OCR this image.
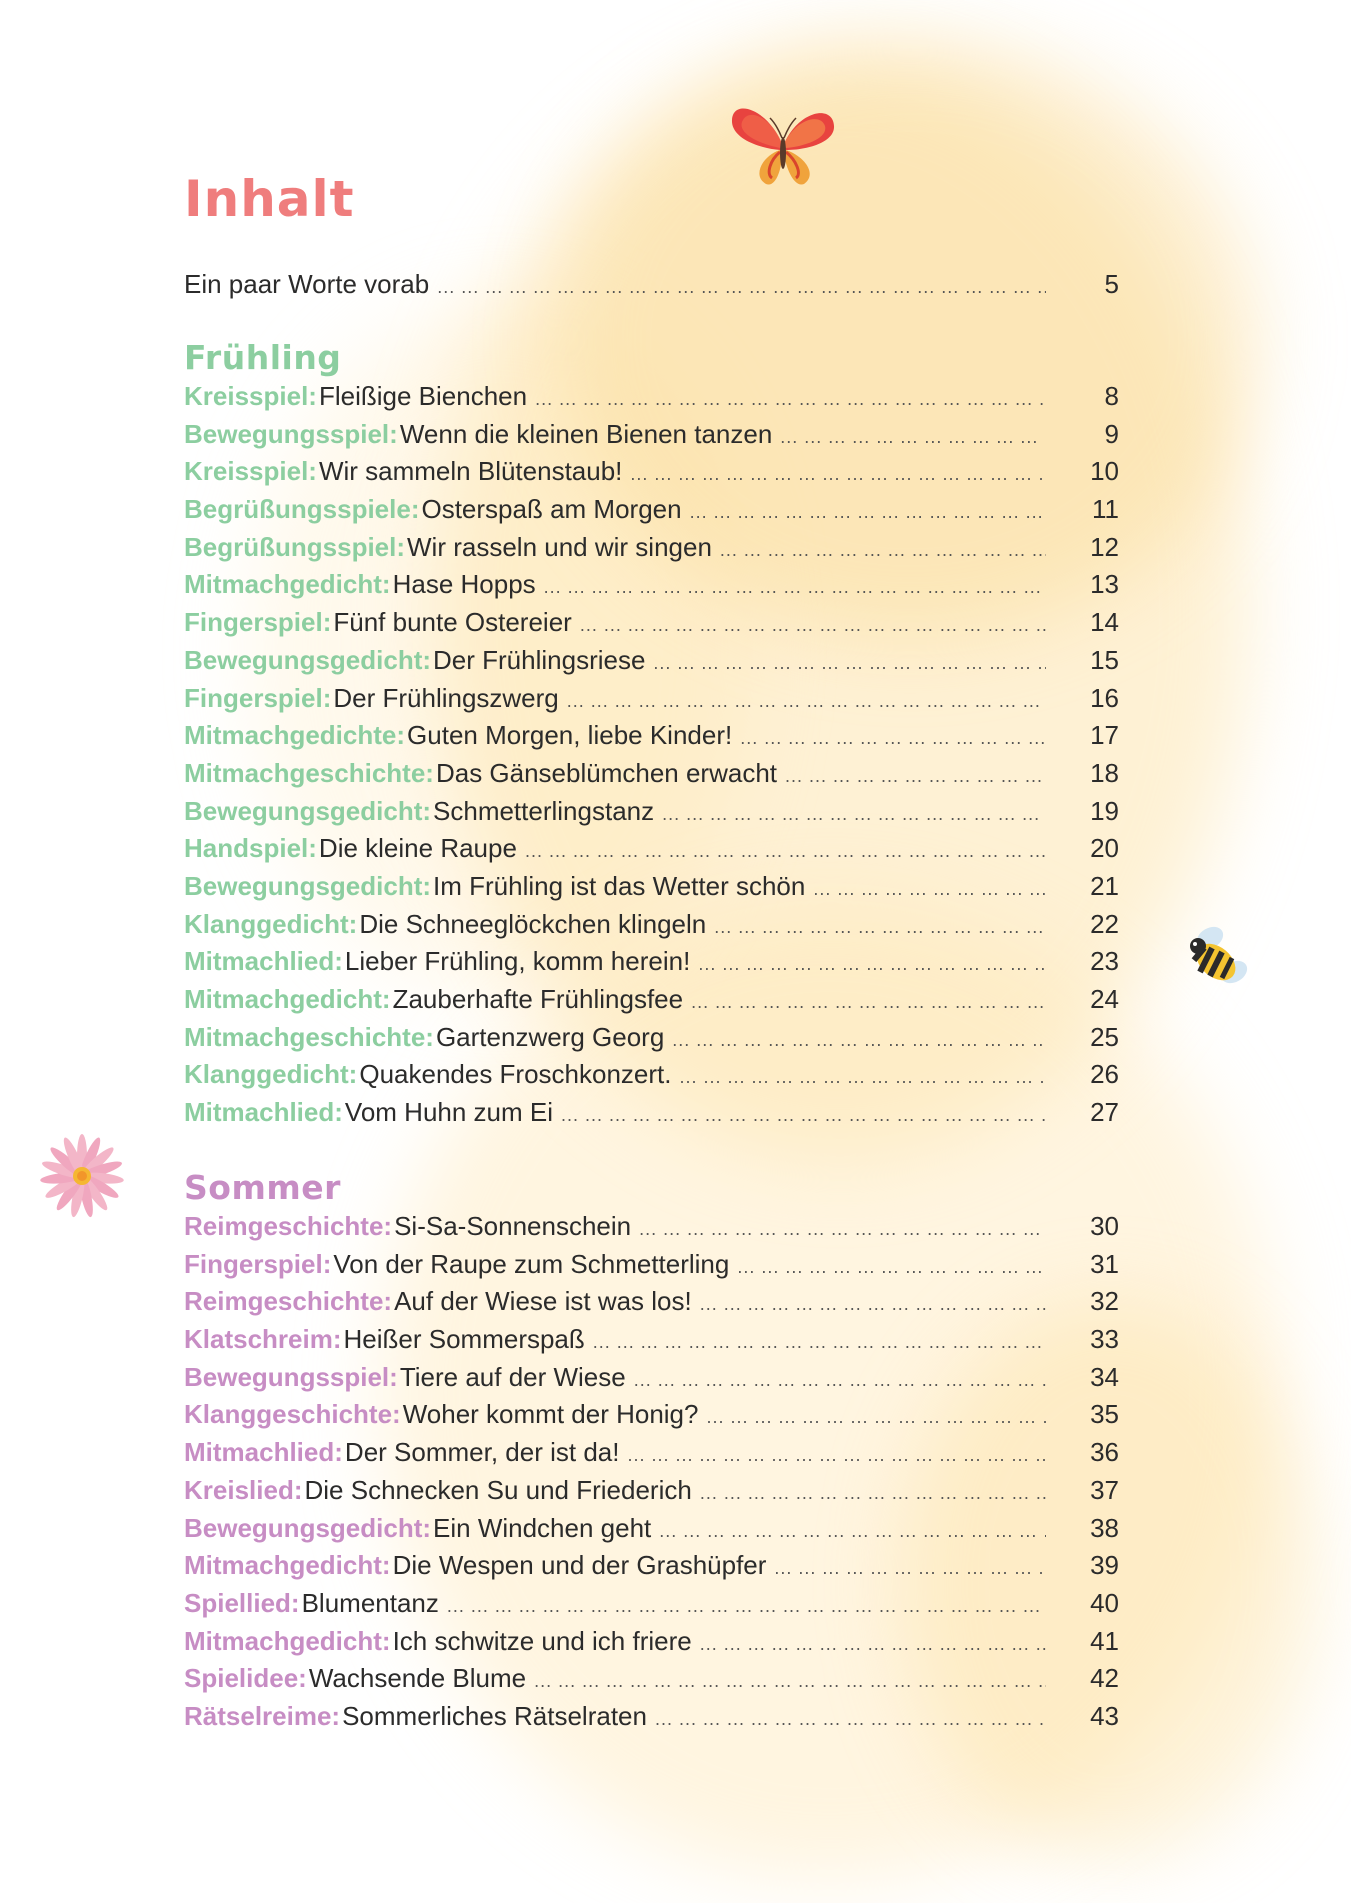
Inhalt
Ein paar Worte vorab ... .	5
Frühling
Kreisspiel: Fleißige Bienchen ... .	8
Bewegungsspiel: Wenn die kleinen Bienen tanzen ... .	9
Kreisspiel: Wir sammeln Blütenstaub! ... .	10
Begrüßungsspiele: Osterspaß am Morgen ... .	11
Begrüßungsspiel: Wir rasseln und wir singen ... .	12
Mitmachgedicht: Hase Hopps ... .	13
Fingerspiel: Fünf bunte Ostereier ... .	14
Bewegungsgedicht: Der Frühlingsriese ... .	15
Fingerspiel: Der Frühlingszwerg ... .	16
Mitmachgedichte: Guten Morgen, liebe Kinder! ... .	17
Mitmachgeschichte: Das Gänseblümchen erwacht ... .	18
Bewegungsgedicht: Schmetterlingstanz ... .	19
Handspiel: Die kleine Raupe ... .	20
Bewegungsgedicht: Im Frühling ist das Wetter schön ... .	21
Klanggedicht: Die Schneeglöckchen klingeln ... .	22
Mitmachlied: Lieber Frühling, komm herein! ... .	23
Mitmachgedicht: Zauberhafte Frühlingsfee ... .	24
Mitmachgeschichte: Gartenzwerg Georg ... .	25
Klanggedicht: Quakendes Froschkonzert. ... .	26
Mitmachlied: Vom Huhn zum Ei ... .	27
Sommer
Reimgeschichte: Si-Sa-Sonnenschein ... .	30
Fingerspiel: Von der Raupe zum Schmetterling ... .	31
Reimgeschichte: Auf der Wiese ist was los! ... .	32
Klatschreim: Heißer Sommerspaß ... .	33
Bewegungsspiel: Tiere auf der Wiese ... .	34
Klanggeschichte: Woher kommt der Honig? ... .	35
Mitmachlied: Der Sommer, der ist da! ... .	36
Kreislied: Die Schnecken Su und Friederich ... .	37
Bewegungsgedicht: Ein Windchen geht ... .	38
Mitmachgedicht: Die Wespen und der Grashüpfer ... .	39
Spiellied: Blumentanz ... .	40
Mitmachgedicht: Ich schwitze und ich friere ... .	41
Spielidee: Wachsende Blume ... .	42
Rätselreime: Sommerliches Rätselraten ... .	43
